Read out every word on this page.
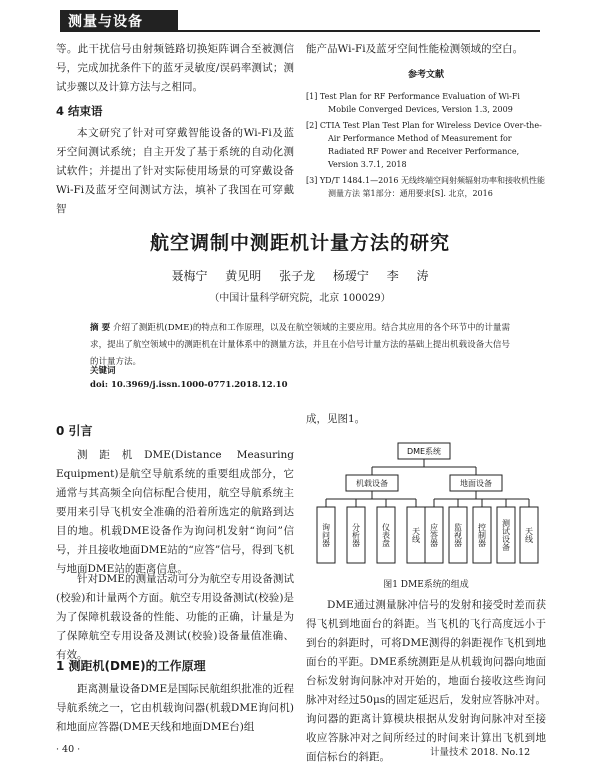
测量与设备

等。此干扰信号由射频链路切换矩阵调合至被测信号，完成加扰条件下的蓝牙灵敏度/误码率测试；测试步骤以及计算方法与之相同。

4 结束语

本文研究了针对可穿戴智能设备的Wi-Fi及蓝牙空间测试系统；自主开发了基于系统的自动化测试软件；并提出了针对实际使用场景的可穿戴设备Wi-Fi及蓝牙空间测试方法，填补了我国在可穿戴智

能产品Wi-Fi及蓝牙空间性能检测领域的空白。

参考文献

[1] Test Plan for RF Performance Evaluation of Wi-Fi Mobile Converged Devices, Version 1.3, 2009

[2] CTIA Test Plan Test Plan for Wireless Device Over-the-Air Performance Method of Measurement for Radiated RF Power and Receiver Performance, Version 3.7.1, 2018

[3] YD/T 1484.1—2016 无线终端空间射频辐射功率和接收机性能测量方法 第1部分：通用要求[S]. 北京，2016

航空调制中测距机计量方法的研究
聂梅宁 黄见明 张子龙 杨瑷宁 李 涛
（中国计量科学研究院，北京 100029）
摘 要 介绍了测距机(DME)的特点和工作原理，以及在航空领域的主要应用。结合其应用的各个环节中的计量需求，提出了航空领域中的测距机在计量体系中的测量方法，并且在小信号计量方法的基础上提出机载设备大信号的计量方法。
关键词
doi: 10.3969/j.issn.1000-0771.2018.12.10
0 引言

测距机DME(Distance Measuring Equipment)是航空导航系统的重要组成部分，它通常与其高频全向信标配合使用，航空导航系统主要用来引导飞机安全准确的沿着所选定的航路到达目的地。机载DME设备作为询问机发射“询问”信号，并且接收地面DME站的“应答”信号，得到飞机与地面DME站的距离信息。

针对DME的测量活动可分为航空专用设备测试(校验)和计量两个方面。航空专用设备测试(校验)是为了保障机载设备的性能、功能的正确，计量是为了保障航空专用设备及测试(校验)设备量值准确、有效。

1 测距机(DME)的工作原理

距离测量设备DME是国际民航组织批准的近程导航系统之一，它由机载询问器(机载DME询问机)和地面应答器(DME天线和地面DME台)组

成，见图1。

DME系统
机载设备	地面设备
询问器	分析器	仪表盘	天线 应答器 监视器 控制器 测试设备 天线
图1 DME系统的组成

DME通过测量脉冲信号的发射和接受时差而获得飞机到地面台的斜距。当飞机的飞行高度远小于到台的斜距时，可将DME测得的斜距视作飞机到地面台的平距。DME系统测距是从机载询问器向地面台标发射询问脉冲对开始的，地面台接收这些询问脉冲对经过50μs的固定延迟后，发射应答脉冲对。询问器的距离计算模块根据从发射询问脉冲对至接收应答脉冲对之间所经过的时间来计算出飞机到地面信标台的斜距。

· 40 ·	计量技术 2018. No.12
